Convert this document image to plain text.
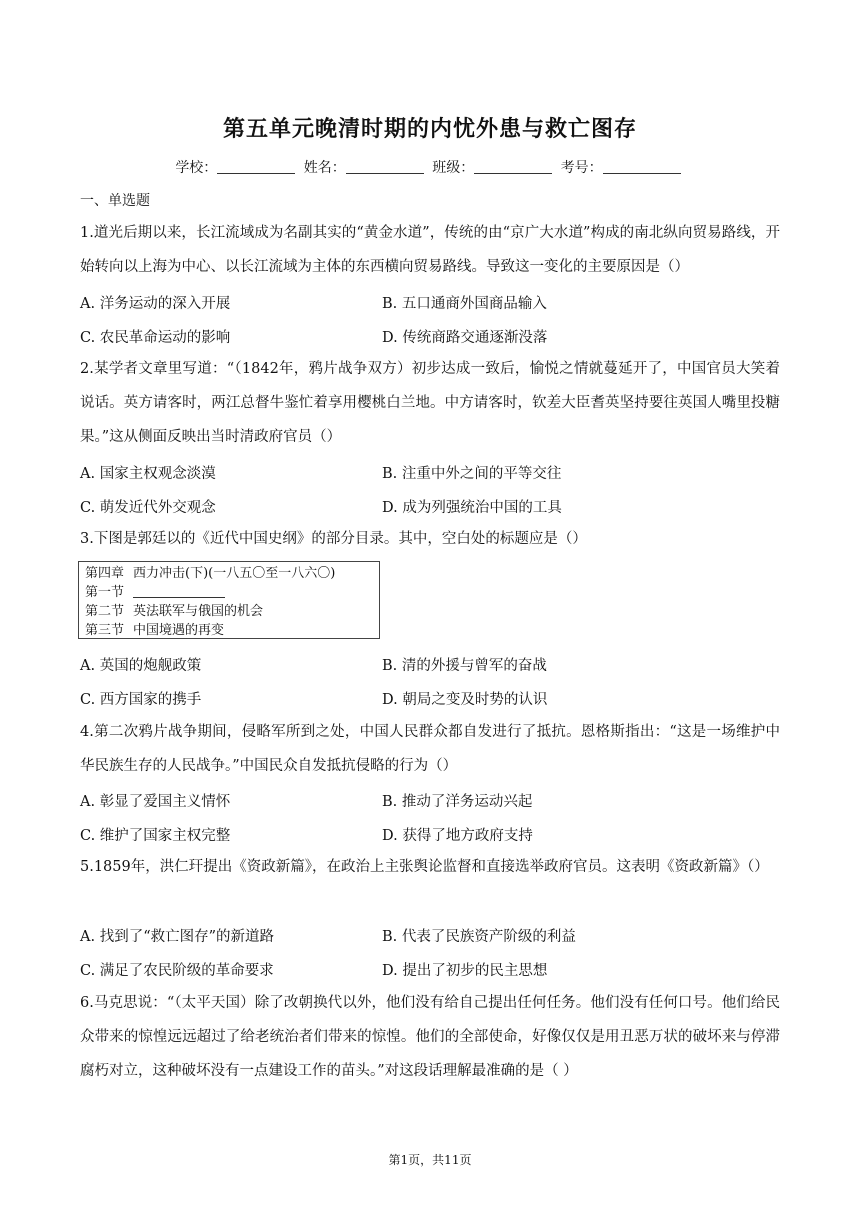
第五单元晚清时期的内忧外患与救亡图存
学校：	姓名：	班级：	考号：
一、单选题
1.道光后期以来，长江流域成为名副其实的“黄金水道”，传统的由“京广大水道”构成的南北纵向贸易路线，开始转向以上海为中心、以长江流域为主体的东西横向贸易路线。导致这一变化的主要原因是（）
A. 洋务运动的深入开展	B. 五口通商外国商品输入
C. 农民革命运动的影响	D. 传统商路交通逐渐没落
2.某学者文章里写道：“（1842年，鸦片战争双方）初步达成一致后，愉悦之情就蔓延开了，中国官员大笑着说话。英方请客时，两江总督牛鉴忙着享用樱桃白兰地。中方请客时，钦差大臣耆英坚持要往英国人嘴里投糖果。”这从侧面反映出当时清政府官员（）
A. 国家主权观念淡漠	B. 注重中外之间的平等交往
C. 萌发近代外交观念	D. 成为列强统治中国的工具
3.下图是郭廷以的《近代中国史纲》的部分目录。其中，空白处的标题应是（）
第四章 西力冲击(下)(一八五〇至一八六〇)
第一节
第二节 英法联军与俄国的机会
第三节 中国境遇的再变
A. 英国的炮舰政策	B. 清的外援与曾军的奋战
C. 西方国家的携手	D. 朝局之变及时势的认识
4.第二次鸦片战争期间，侵略军所到之处，中国人民群众都自发进行了抵抗。恩格斯指出：“这是一场维护中华民族生存的人民战争。”中国民众自发抵抗侵略的行为（）
A. 彰显了爱国主义情怀	B. 推动了洋务运动兴起
C. 维护了国家主权完整	D. 获得了地方政府支持
5.1859年，洪仁玕提出《资政新篇》，在政治上主张舆论监督和直接选举政府官员。这表明《资政新篇》（）
A. 找到了“救亡图存”的新道路	B. 代表了民族资产阶级的利益
C. 满足了农民阶级的革命要求	D. 提出了初步的民主思想
6.马克思说：“（太平天国）除了改朝换代以外，他们没有给自己提出任何任务。他们没有任何口号。他们给民众带来的惊惶远远超过了给老统治者们带来的惊惶。他们的全部使命，好像仅仅是用丑恶万状的破坏来与停滞腐朽对立，这种破坏没有一点建设工作的苗头。”对这段话理解最准确的是（ ）
第1页，共11页
